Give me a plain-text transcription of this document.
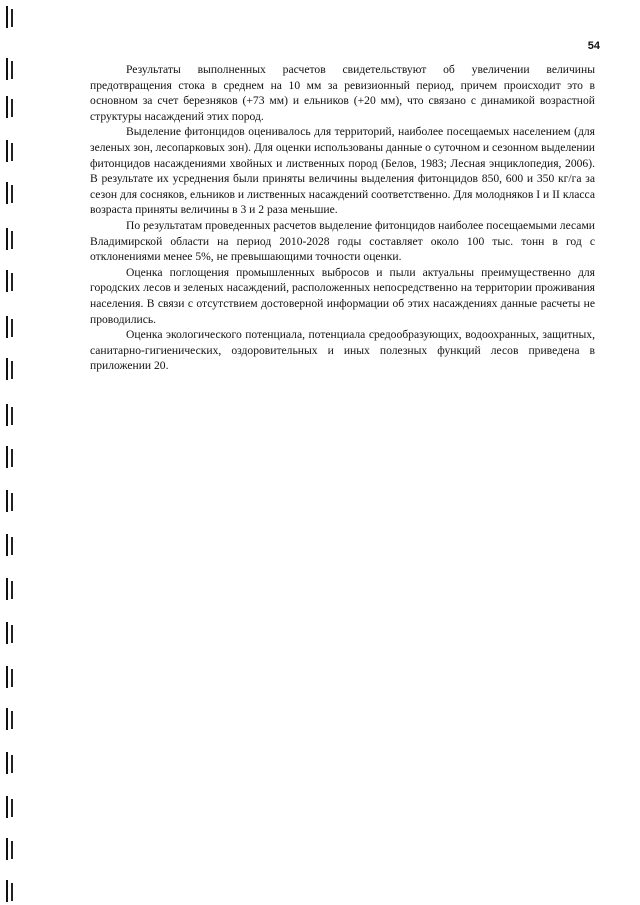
54

Результаты выполненных расчетов свидетельствуют об увеличении величины предотвращения стока в среднем на 10 мм за ревизионный период, причем происходит это в основном за счет березняков (+73 мм) и ельников (+20 мм), что связано с динамикой возрастной структуры насаждений этих пород.

Выделение фитонцидов оценивалось для территорий, наиболее посещаемых населением (для зеленых зон, лесопарковых зон). Для оценки использованы данные о суточном и сезонном выделении фитонцидов насаждениями хвойных и лиственных пород (Белов, 1983; Лесная энциклопедия, 2006). В результате их усреднения были приняты величины выделения фитонцидов 850, 600 и 350 кг/га за сезон для сосняков, ельников и лиственных насаждений соответственно. Для молодняков I и II класса возраста приняты величины в 3 и 2 раза меньшие.

По результатам проведенных расчетов выделение фитонцидов наиболее посещаемыми лесами Владимирской области на период 2010-2028 годы составляет около 100 тыс. тонн в год с отклонениями менее 5%, не превышающими точности оценки.

Оценка поглощения промышленных выбросов и пыли актуальны преимущественно для городских лесов и зеленых насаждений, расположенных непосредственно на территории проживания населения. В связи с отсутствием достоверной информации об этих насаждениях данные расчеты не проводились.

Оценка экологического потенциала, потенциала средообразующих, водоохранных, защитных, санитарно-гигиенических, оздоровительных и иных полезных функций лесов приведена в приложении 20.
